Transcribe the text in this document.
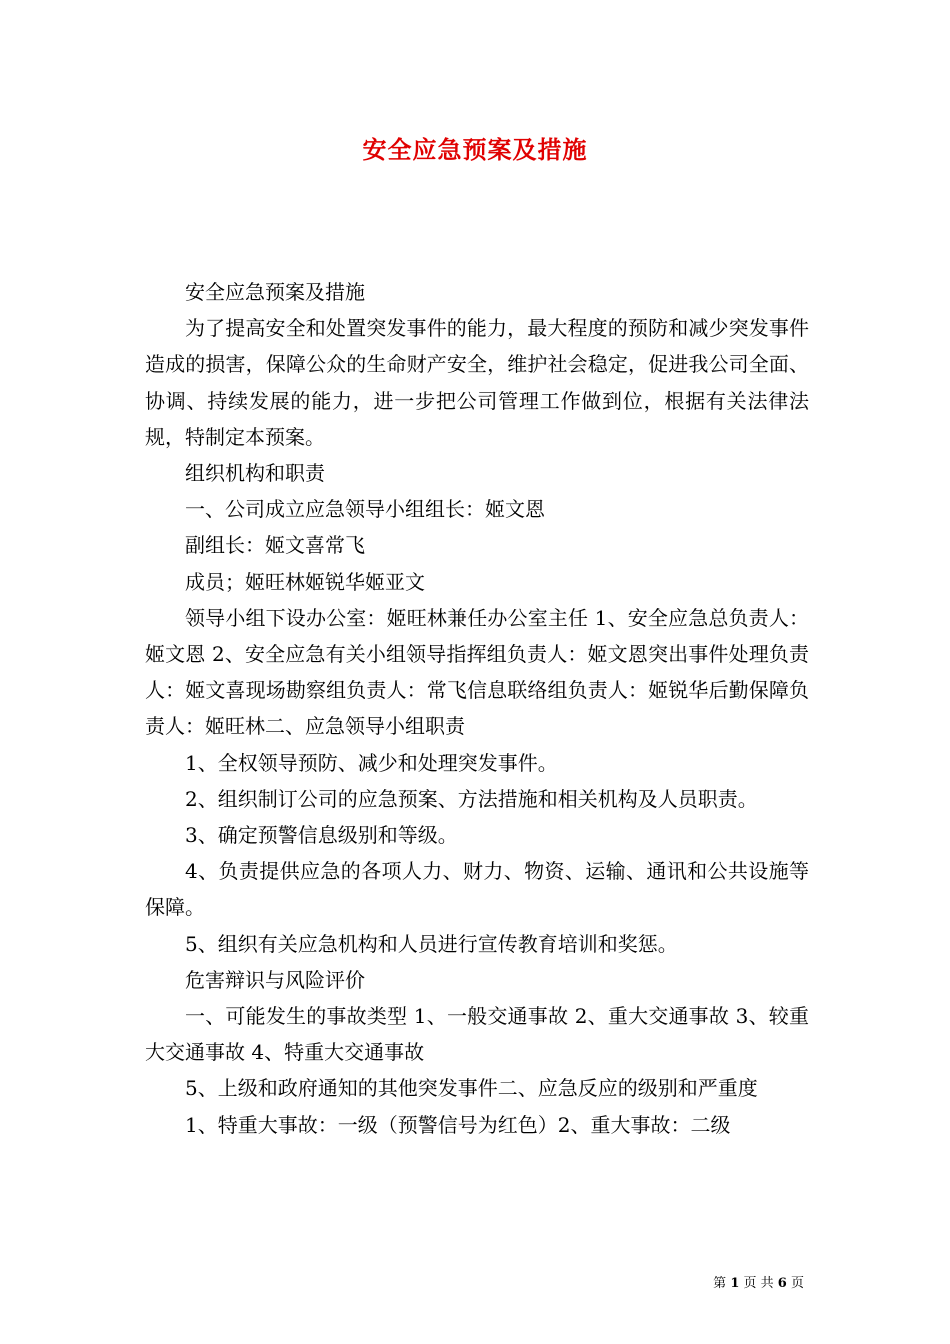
安全应急预案及措施

安全应急预案及措施

为了提高安全和处置突发事件的能力，最大程度的预防和减少突发事件造成的损害，保障公众的生命财产安全，维护社会稳定，促进我公司全面、协调、持续发展的能力，进一步把公司管理工作做到位，根据有关法律法规，特制定本预案。

组织机构和职责

一、公司成立应急领导小组组长：姬文恩

副组长：姬文喜常飞

成员；姬旺林姬锐华姬亚文

领导小组下设办公室：姬旺林兼任办公室主任 1、安全应急总负责人：姬文恩 2、安全应急有关小组领导指挥组负责人：姬文恩突出事件处理负责人：姬文喜现场勘察组负责人：常飞信息联络组负责人：姬锐华后勤保障负责人：姬旺林二、应急领导小组职责

1、全权领导预防、减少和处理突发事件。

2、组织制订公司的应急预案、方法措施和相关机构及人员职责。

3、确定预警信息级别和等级。

4、负责提供应急的各项人力、财力、物资、运输、通讯和公共设施等保障。

5、组织有关应急机构和人员进行宣传教育培训和奖惩。

危害辩识与风险评价

一、可能发生的事故类型 1、一般交通事故 2、重大交通事故 3、较重大交通事故 4、特重大交通事故

5、上级和政府通知的其他突发事件二、应急反应的级别和严重度

1、特重大事故：一级（预警信号为红色）2、重大事故：二级

第 1 页 共 6 页
